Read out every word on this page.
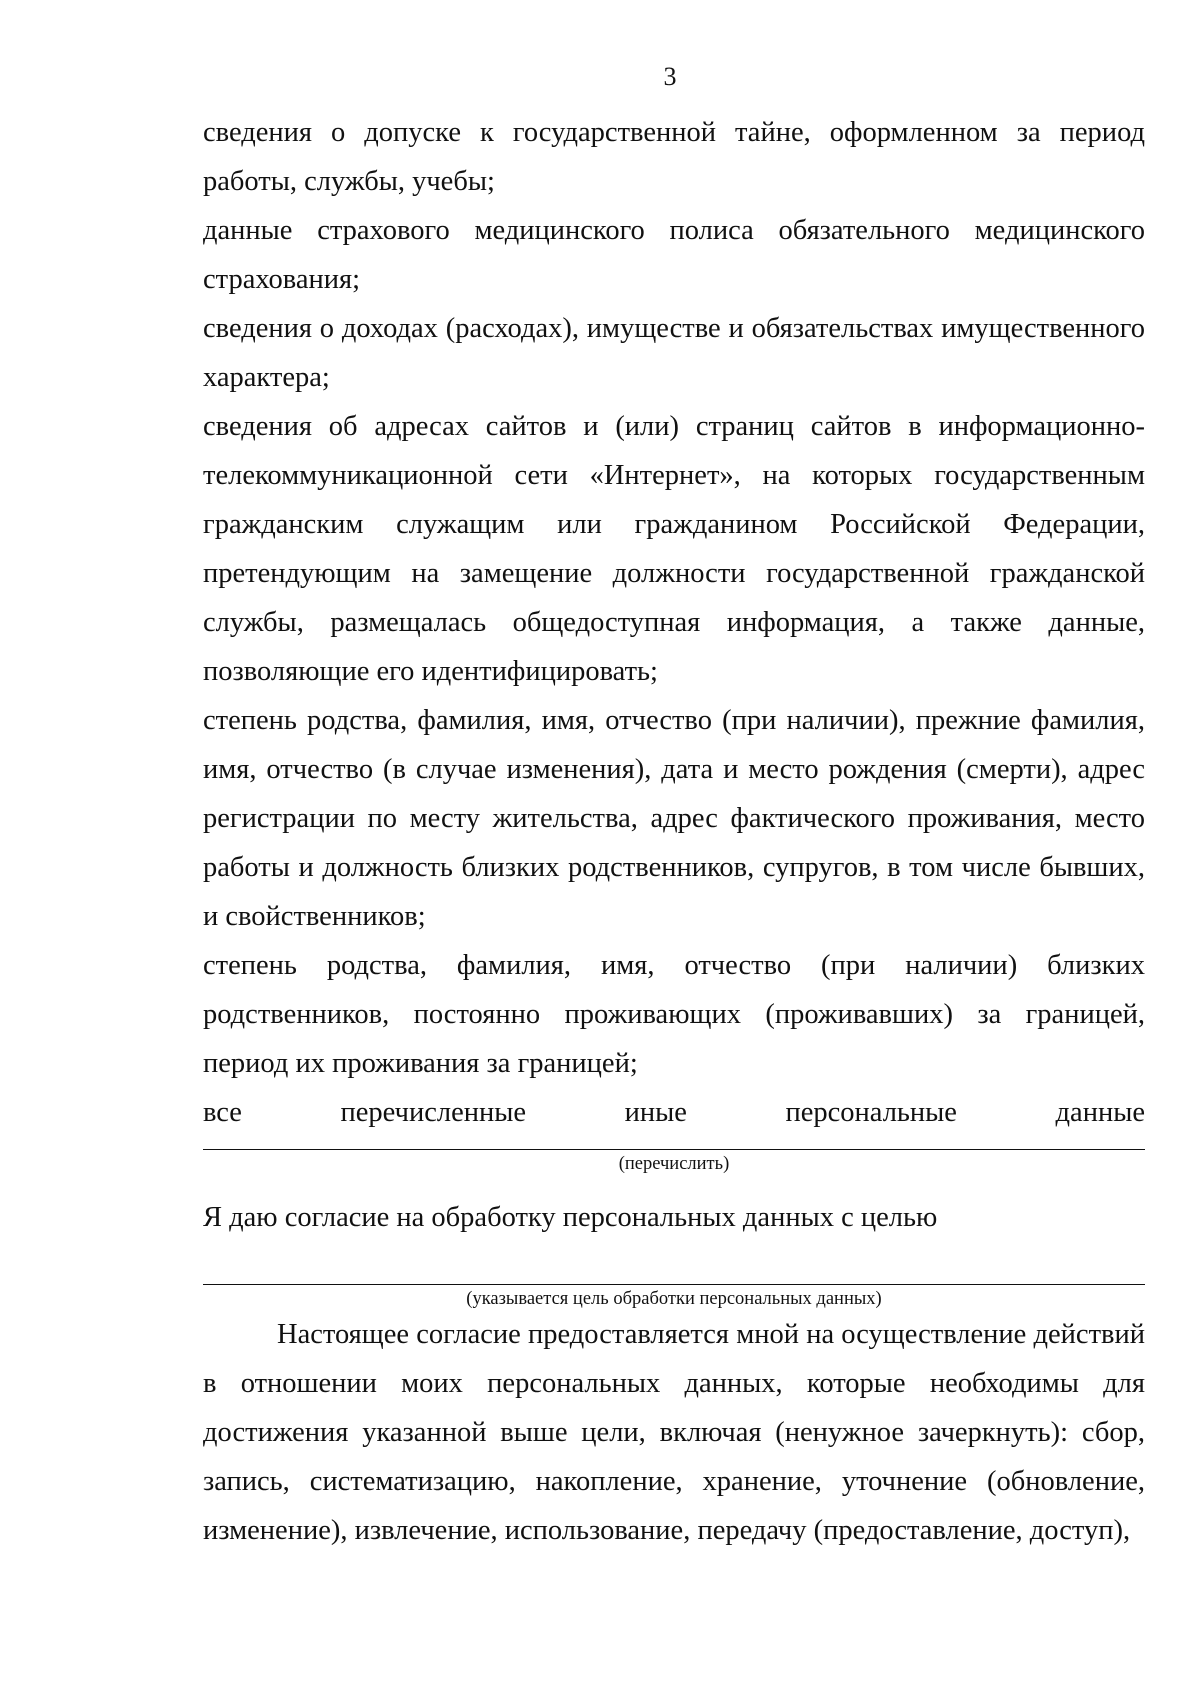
3

сведения о допуске к государственной тайне, оформленном за период работы, службы, учебы;

данные страхового медицинского полиса обязательного медицинского страхования;

сведения о доходах (расходах), имуществе и обязательствах имущественного характера;

сведения об адресах сайтов и (или) страниц сайтов в информационно-телекоммуникационной сети «Интернет», на которых государственным гражданским служащим или гражданином Российской Федерации, претендующим на замещение должности государственной гражданской службы, размещалась общедоступная информация, а также данные, позволяющие его идентифицировать;

степень родства, фамилия, имя, отчество (при наличии), прежние фамилия, имя, отчество (в случае изменения), дата и место рождения (смерти), адрес регистрации по месту жительства, адрес фактического проживания, место работы и должность близких родственников, супругов, в том числе бывших, и свойственников;

степень родства, фамилия, имя, отчество (при наличии) близких родственников, постоянно проживающих (проживавших) за границей, период их проживания за границей;

все перечисленные иные персональные данные

(перечислить)

Я даю согласие на обработку персональных данных с целью

(указывается цель обработки персональных данных)

Настоящее согласие предоставляется мной на осуществление действий в отношении моих персональных данных, которые необходимы для достижения указанной выше цели, включая (ненужное зачеркнуть): сбор, запись, систематизацию, накопление, хранение, уточнение (обновление, изменение), извлечение, использование, передачу (предоставление, доступ),
